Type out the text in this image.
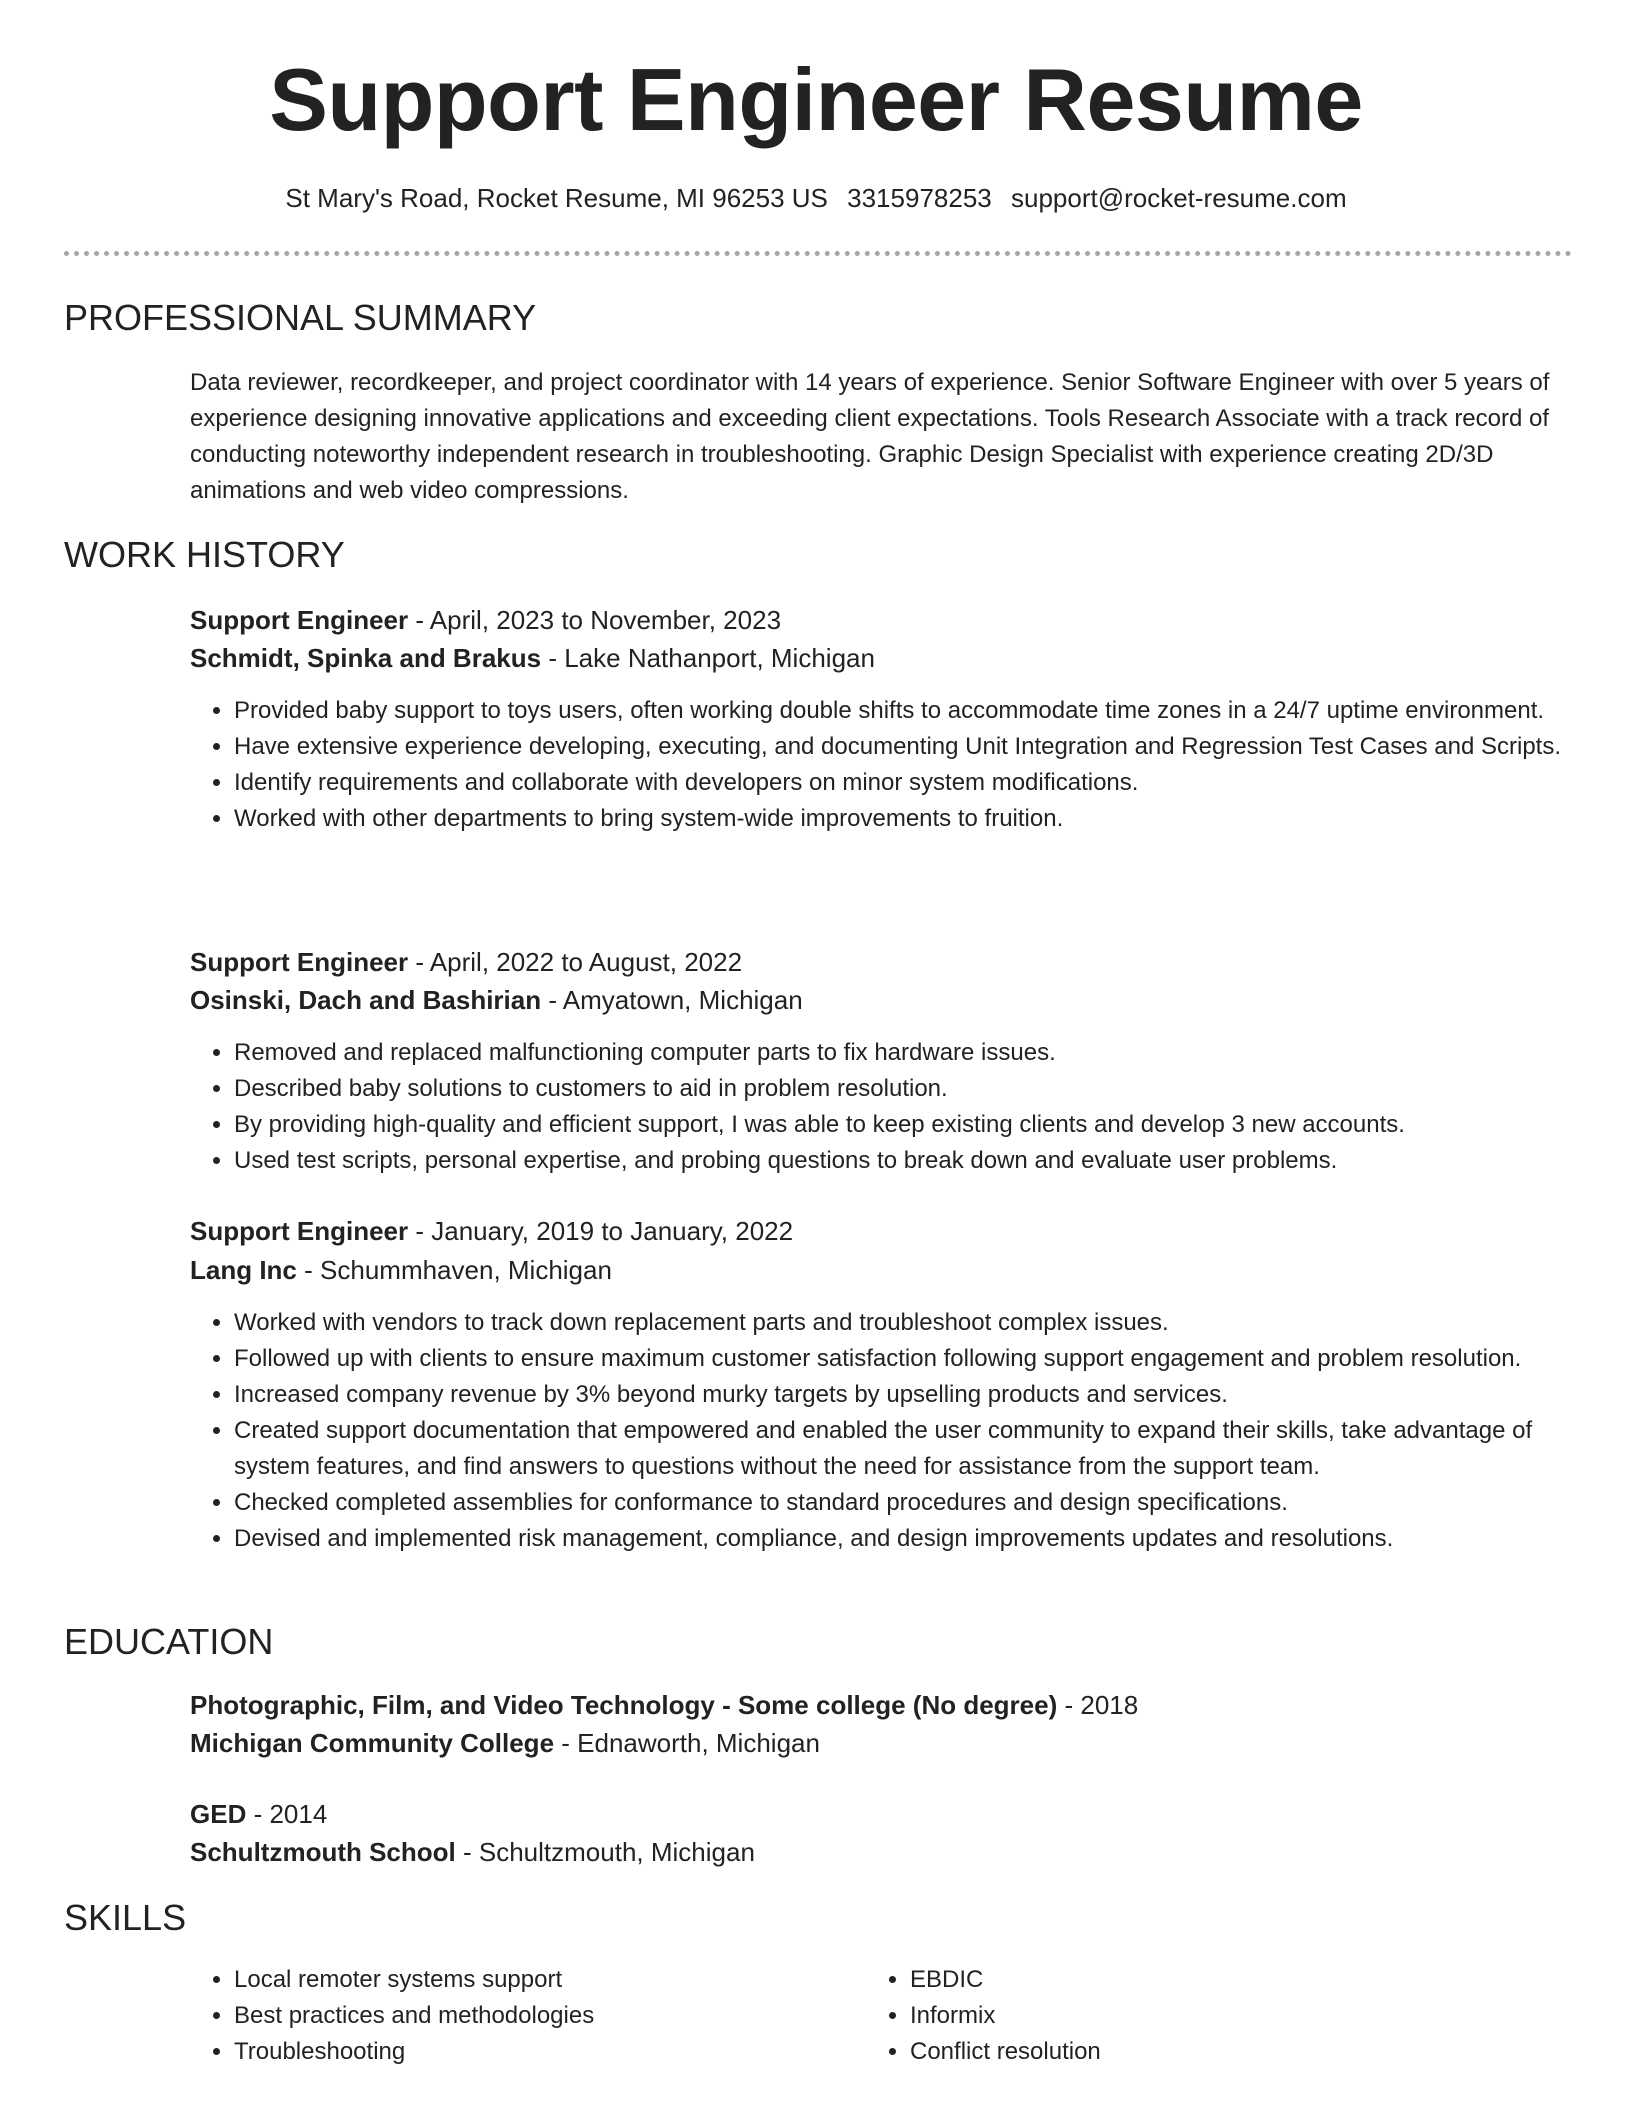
Support Engineer Resume
St Mary's Road, Rocket Resume, MI 96253 US 3315978253 support@rocket-resume.com
PROFESSIONAL SUMMARY

Data reviewer, recordkeeper, and project coordinator with 14 years of experience. Senior Software Engineer with over 5 years of experience designing innovative applications and exceeding client expectations. Tools Research Associate with a track record of conducting noteworthy independent research in troubleshooting. Graphic Design Specialist with experience creating 2D/3D animations and web video compressions.

WORK HISTORY
Support Engineer - April, 2023 to November, 2023
Schmidt, Spinka and Brakus - Lake Nathanport, Michigan
• Provided baby support to toys users, often working double shifts to accommodate time zones in a 24/7 uptime environment.
• Have extensive experience developing, executing, and documenting Unit Integration and Regression Test Cases and Scripts.
• Identify requirements and collaborate with developers on minor system modifications.
• Worked with other departments to bring system-wide improvements to fruition.
Support Engineer - April, 2022 to August, 2022
Osinski, Dach and Bashirian - Amyatown, Michigan
• Removed and replaced malfunctioning computer parts to fix hardware issues.
• Described baby solutions to customers to aid in problem resolution.
• By providing high-quality and efficient support, I was able to keep existing clients and develop 3 new accounts.
• Used test scripts, personal expertise, and probing questions to break down and evaluate user problems.
Support Engineer - January, 2019 to January, 2022
Lang Inc - Schummhaven, Michigan
• Worked with vendors to track down replacement parts and troubleshoot complex issues.
• Followed up with clients to ensure maximum customer satisfaction following support engagement and problem resolution.
• Increased company revenue by 3% beyond murky targets by upselling products and services.
• Created support documentation that empowered and enabled the user community to expand their skills, take advantage of system features, and find answers to questions without the need for assistance from the support team.
• Checked completed assemblies for conformance to standard procedures and design specifications.
• Devised and implemented risk management, compliance, and design improvements updates and resolutions.
EDUCATION
Photographic, Film, and Video Technology - Some college (No degree) - 2018
Michigan Community College - Ednaworth, Michigan
GED - 2014
Schultzmouth School - Schultzmouth, Michigan
SKILLS
• Local remoter systems support
• Best practices and methodologies
• Troubleshooting
• EBDIC
• Informix
• Conflict resolution
